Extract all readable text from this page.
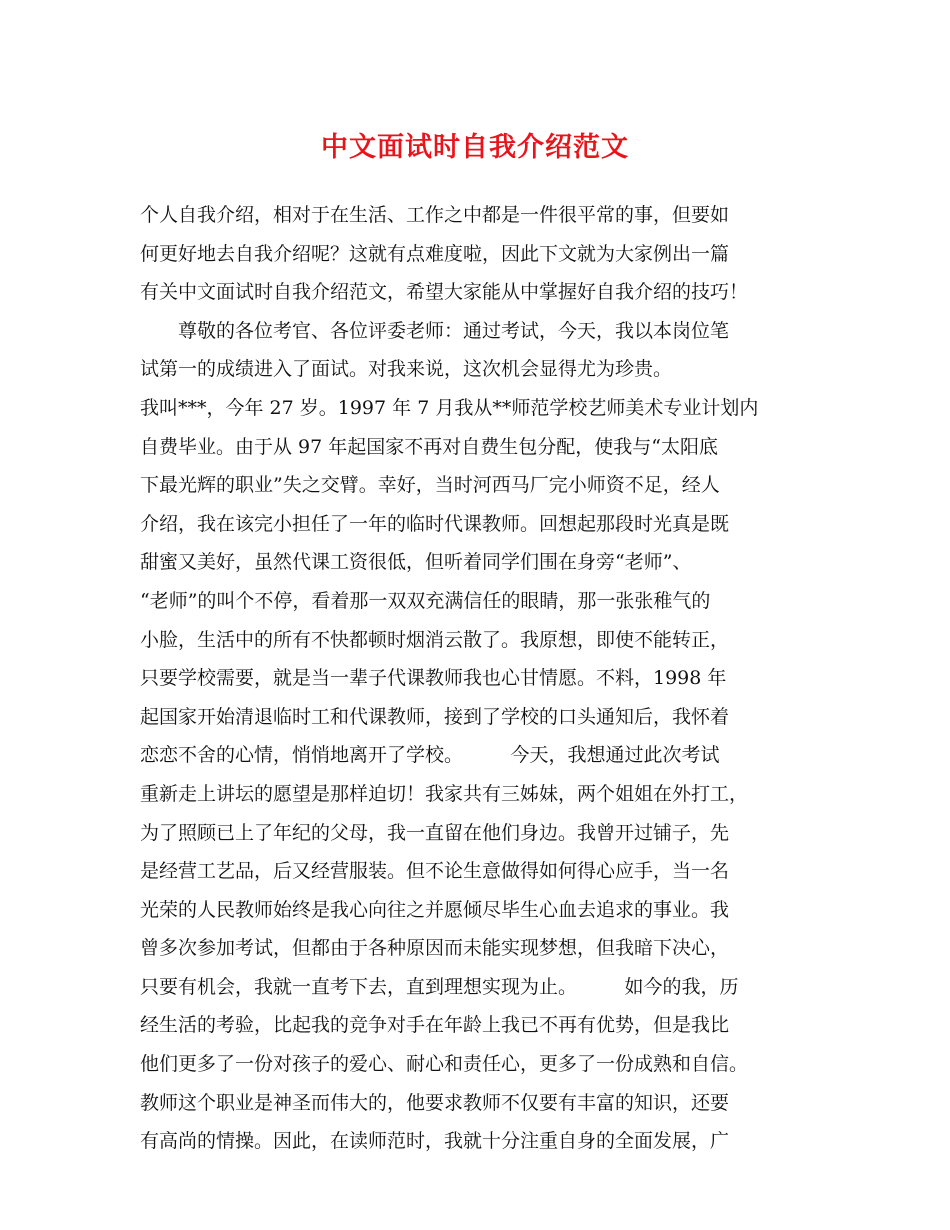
中文面试时自我介绍范文
个人自我介绍，相对于在生活、工作之中都是一件很平常的事，但要如
何更好地去自我介绍呢？这就有点难度啦，因此下文就为大家例出一篇
有关中文面试时自我介绍范文，希望大家能从中掌握好自我介绍的技巧！
　　尊敬的各位考官、各位评委老师：通过考试，今天，我以本岗位笔
试第一的成绩进入了面试。对我来说，这次机会显得尤为珍贵。
我叫***，今年 27 岁。1997 年 7 月我从**师范学校艺师美术专业计划内
自费毕业。由于从 97 年起国家不再对自费生包分配，使我与“太阳底
下最光辉的职业”失之交臂。幸好，当时河西马厂完小师资不足，经人
介绍，我在该完小担任了一年的临时代课教师。回想起那段时光真是既
甜蜜又美好，虽然代课工资很低，但听着同学们围在身旁“老师”、
“老师”的叫个不停，看着那一双双充满信任的眼睛，那一张张稚气的
小脸，生活中的所有不快都顿时烟消云散了。我原想，即使不能转正，
只要学校需要，就是当一辈子代课教师我也心甘情愿。不料，1998 年
起国家开始清退临时工和代课教师，接到了学校的口头通知后，我怀着
恋恋不舍的心情，悄悄地离开了学校。　　　今天，我想通过此次考试
重新走上讲坛的愿望是那样迫切！我家共有三姊妹，两个姐姐在外打工，
为了照顾已上了年纪的父母，我一直留在他们身边。我曾开过铺子，先
是经营工艺品，后又经营服装。但不论生意做得如何得心应手，当一名
光荣的人民教师始终是我心向往之并愿倾尽毕生心血去追求的事业。我
曾多次参加考试，但都由于各种原因而未能实现梦想，但我暗下决心，
只要有机会，我就一直考下去，直到理想实现为止。　　　如今的我，历
经生活的考验，比起我的竞争对手在年龄上我已不再有优势，但是我比
他们更多了一份对孩子的爱心、耐心和责任心，更多了一份成熟和自信。
教师这个职业是神圣而伟大的，他要求教师不仅要有丰富的知识，还要
有高尚的情操。因此，在读师范时，我就十分注重自身的全面发展，广
